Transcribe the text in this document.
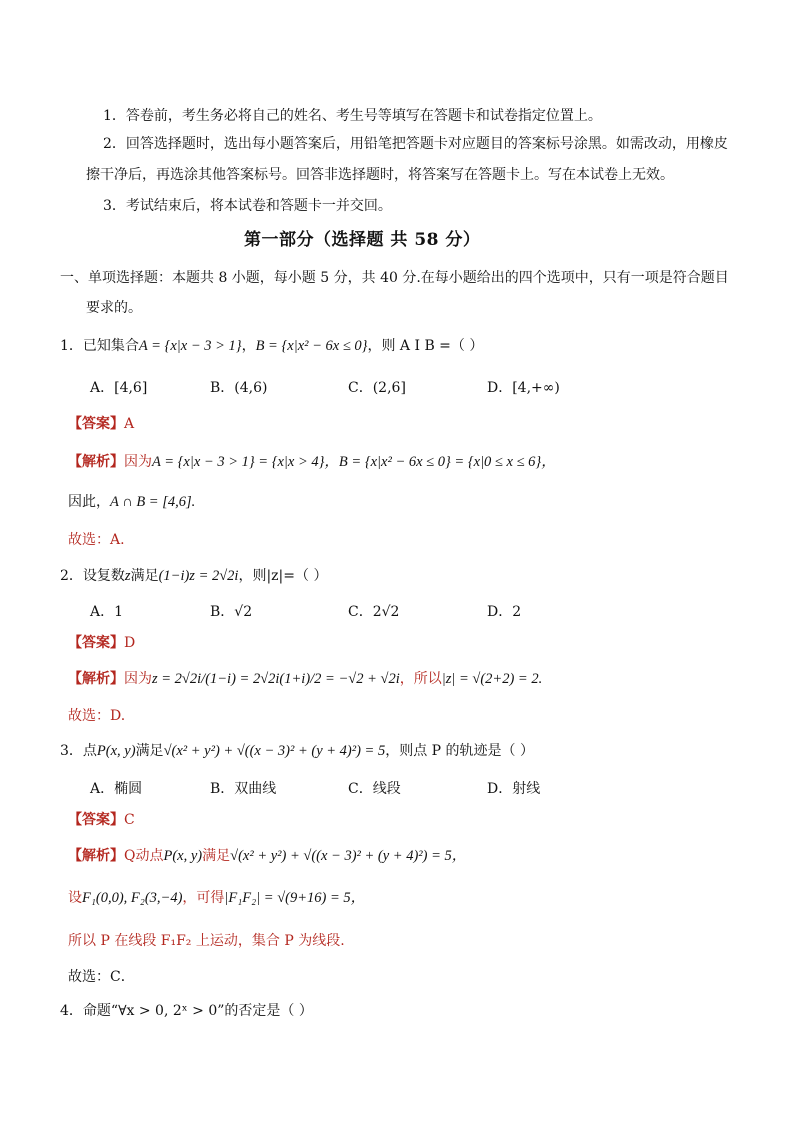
1．答卷前，考生务必将自己的姓名、考生号等填写在答题卡和试卷指定位置上。
2．回答选择题时，选出每小题答案后，用铅笔把答题卡对应题目的答案标号涂黑。如需改动，用橡皮
擦干净后，再选涂其他答案标号。回答非选择题时，将答案写在答题卡上。写在本试卷上无效。
3．考试结束后，将本试卷和答题卡一并交回。
第一部分（选择题 共 58 分）
一、单项选择题：本题共 8 小题，每小题 5 分，共 40 分.在每小题给出的四个选项中，只有一项是符合题目
要求的。
1．已知集合A = {x|x − 3 > 1}，B = {x|x² − 6x ≤ 0}，则 A I B =（ ）
A．[4,6]	B．(4,6)	C．(2,6]	D．[4,+∞)
【答案】A
【解析】因为A = {x|x − 3 > 1} = {x|x > 4}，B = {x|x² − 6x ≤ 0} = {x|0 ≤ x ≤ 6}，
因此，A ∩ B = [4,6].
故选：A.
2．设复数z满足(1−i)z = 2√2i，则|z|=（ ）
A．1	B．√2	C．2√2	D．2
【答案】D
【解析】因为z = 2√2i/(1−i) = 2√2i(1+i)/2 = −√2 + √2i，所以|z| = √(2+2) = 2.
故选：D.
3．点P(x, y)满足√(x² + y²) + √((x − 3)² + (y + 4)²) = 5，则点 P 的轨迹是（ ）
A．椭圆	B．双曲线	C．线段	D．射线
【答案】C
【解析】Q动点P(x, y)满足√(x² + y²) + √((x − 3)² + (y + 4)²) = 5，
设F₁(0,0), F₂(3,−4)，可得|F₁F₂| = √(9+16) = 5，
所以 P 在线段 F₁F₂ 上运动，集合 P 为线段.
故选：C．
4．命题“∀x > 0, 2ˣ > 0”的否定是（ ）
